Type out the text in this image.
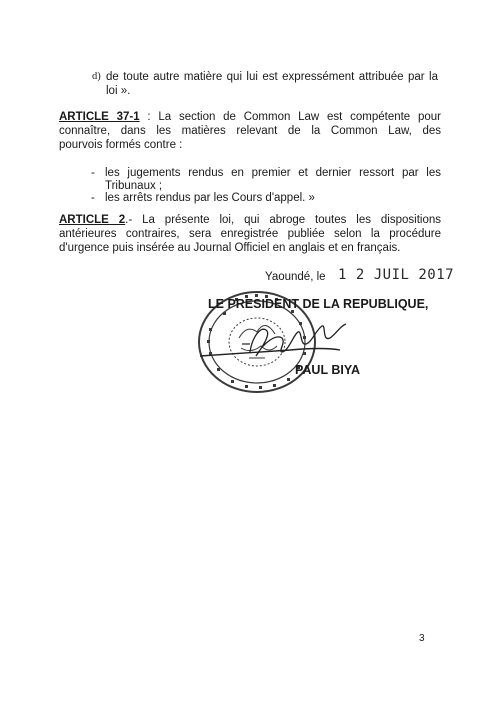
d) de toute autre matière qui lui est expressément attribuée par la
loi ».
ARTICLE 37-1 : La section de Common Law est compétente pour
connaître, dans les matières relevant de la Common Law, des
pourvois formés contre :
- les jugements rendus en premier et dernier ressort par les
Tribunaux ;
- les arrêts rendus par les Cours d'appel. »
ARTICLE 2.- La présente loi, qui abroge toutes les dispositions
antérieures contraires, sera enregistrée publiée selon la procédure
d'urgence puis insérée au Journal Officiel en anglais et en français.
Yaoundé, le 1 2 JUIL 2017
LE PRESIDENT DE LA REPUBLIQUE,
PAUL BIYA
3
